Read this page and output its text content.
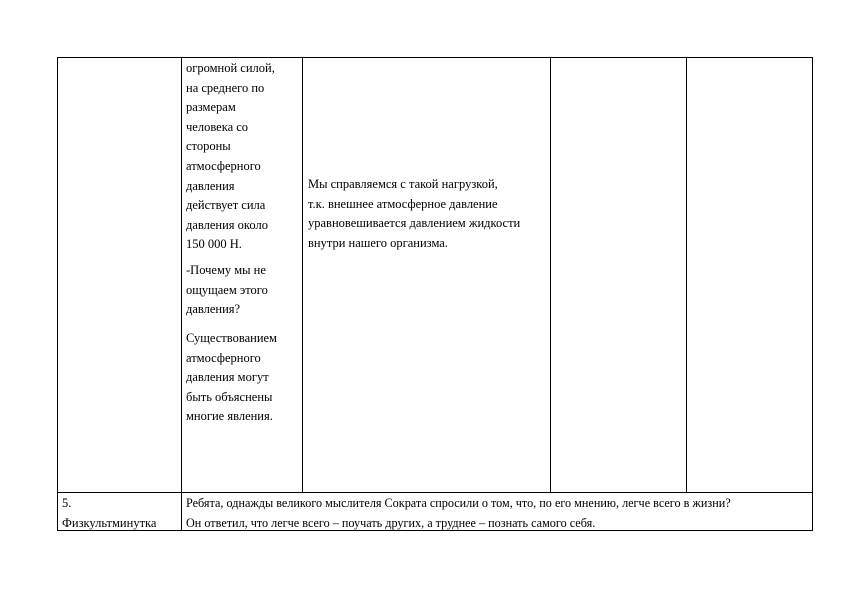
огромной силой,
на среднего по
размерам
человека со
стороны
атмосферного
давления
действует сила
давления около
150 000 Н.
-Почему мы не
ощущаем этого
давления?
Существованием
атмосферного
давления могут
быть объяснены
многие явления.
Мы справляемся с такой нагрузкой,
т.к. внешнее атмосферное давление
уравновешивается давлением жидкости
внутри нашего организма.
5.
Физкультминутка
Ребята, однажды великого мыслителя Сократа спросили о том, что, по его мнению, легче всего в жизни?
Он ответил, что легче всего – поучать других, а труднее – познать самого себя.
